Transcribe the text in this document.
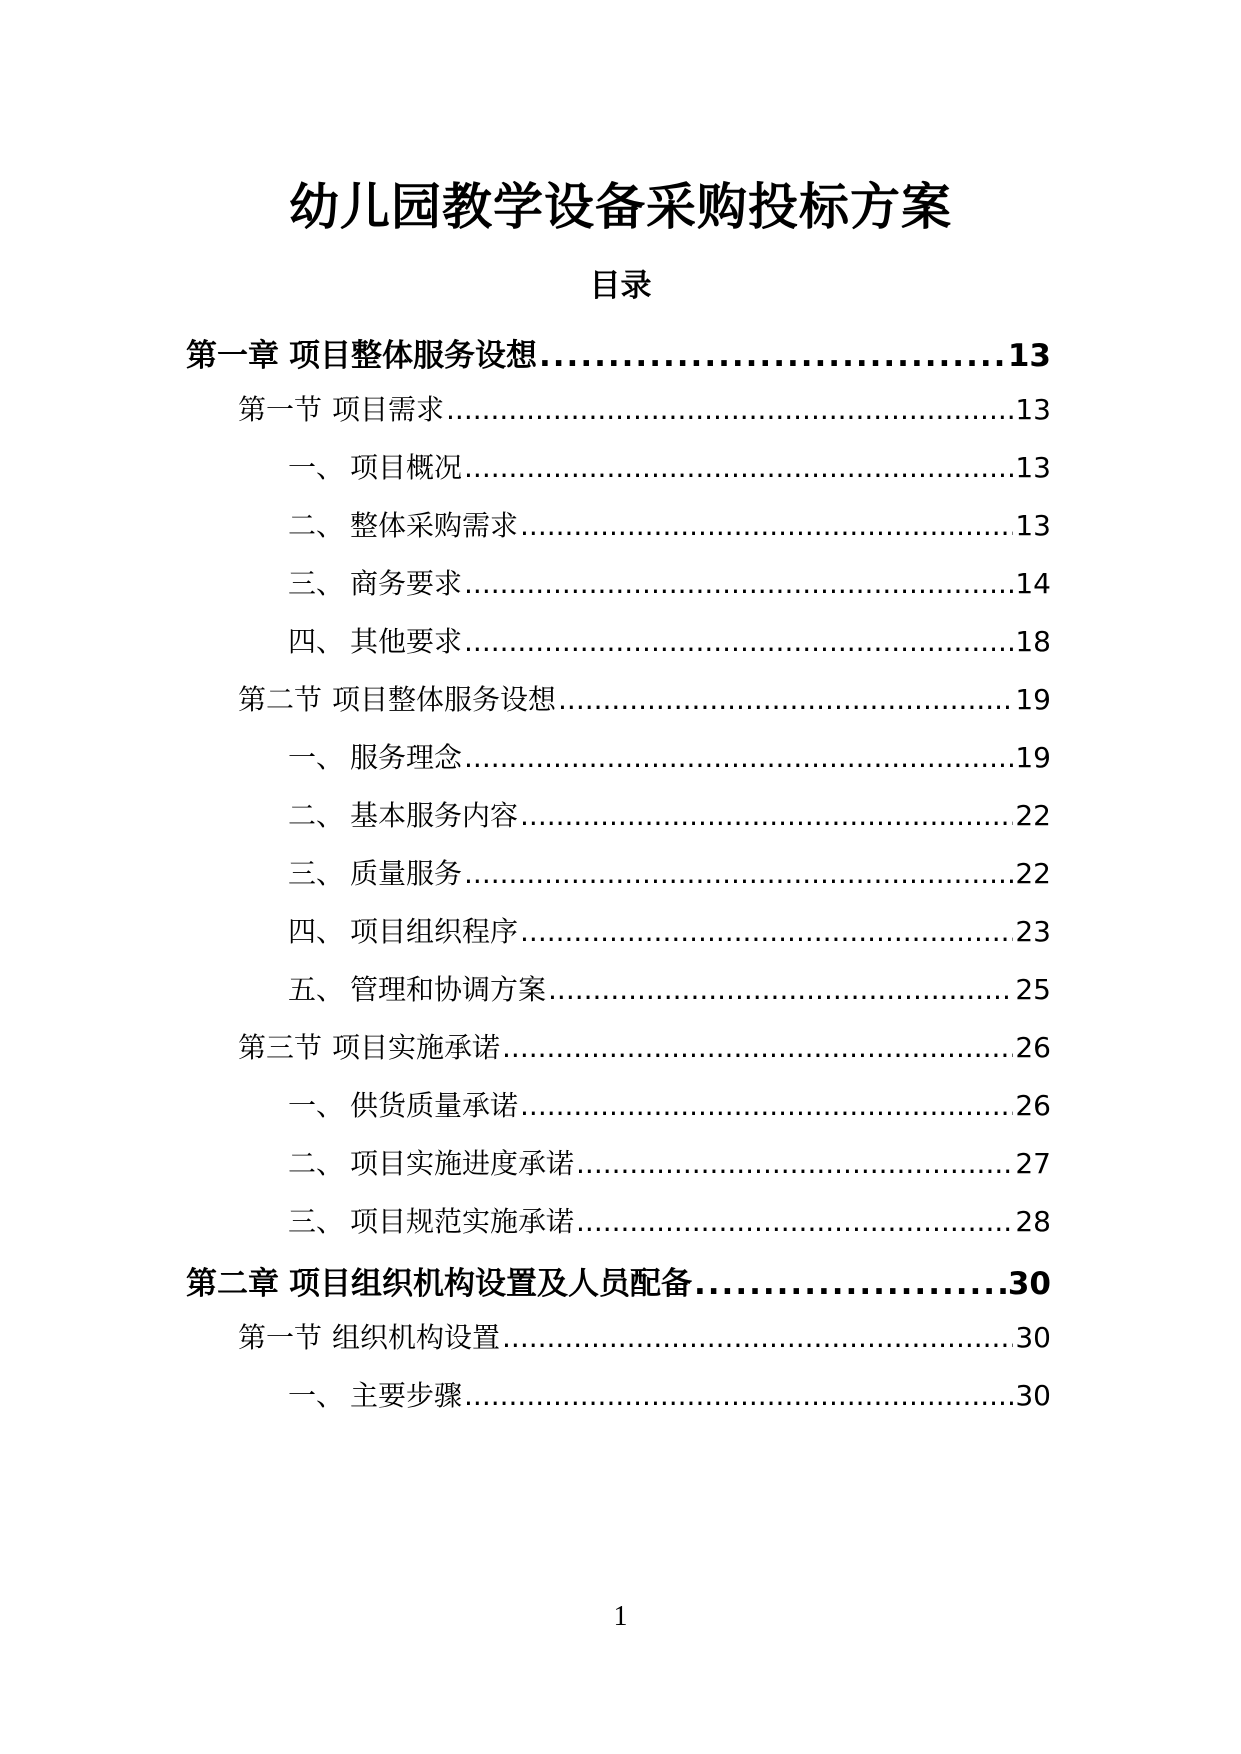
幼儿园教学设备采购投标方案
目录
第一章 项目整体服务设想 .....	13
第一节 项目需求 .....	13
一、 项目概况 .....	13
二、 整体采购需求 .....	13
三、 商务要求 .....	14
四、 其他要求 .....	18
第二节 项目整体服务设想 .....	19
一、 服务理念 .....	19
二、 基本服务内容 .....	22
三、 质量服务 .....	22
四、 项目组织程序 .....	23
五、 管理和协调方案 .....	25
第三节 项目实施承诺 .....	26
一、 供货质量承诺 .....	26
二、 项目实施进度承诺 .....	27
三、 项目规范实施承诺 .....	28
第二章 项目组织机构设置及人员配备 .....	30
第一节 组织机构设置 .....	30
一、 主要步骤 .....	30
1
